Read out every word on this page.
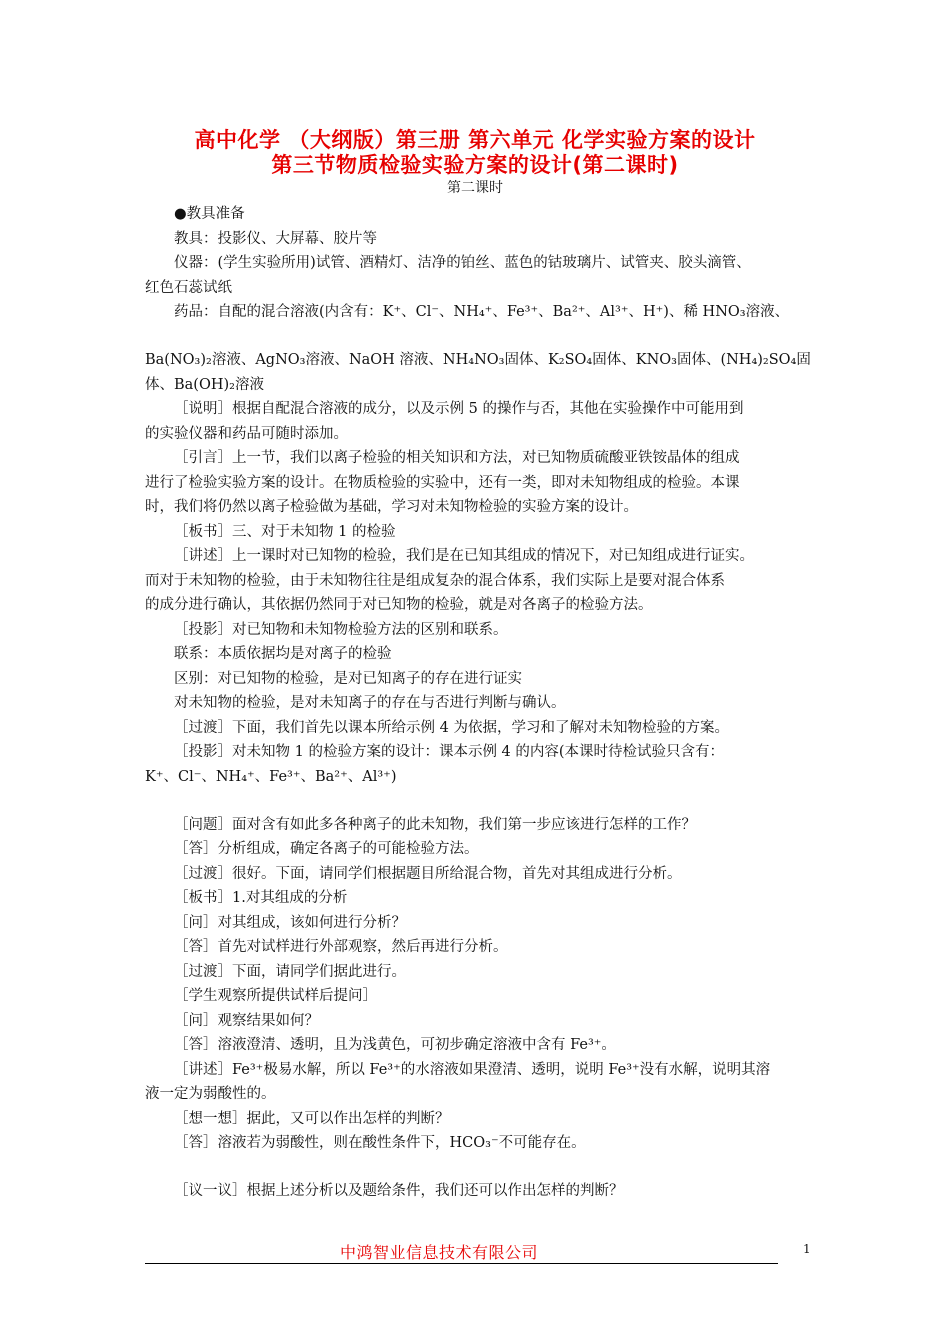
高中化学 （大纲版）第三册 第六单元 化学实验方案的设计
第三节物质检验实验方案的设计(第二课时)
第二课时
●教具准备
教具：投影仪、大屏幕、胶片等
仪器：(学生实验所用)试管、酒精灯、洁净的铂丝、蓝色的钴玻璃片、试管夹、胶头滴管、
红色石蕊试纸
药品：自配的混合溶液(内含有：K⁺、Cl⁻、NH₄⁺、Fe³⁺、Ba²⁺、Al³⁺、H⁺)、稀 HNO₃溶液、
Ba(NO₃)₂溶液、AgNO₃溶液、NaOH 溶液、NH₄NO₃固体、K₂SO₄固体、KNO₃固体、(NH₄)₂SO₄固
体、Ba(OH)₂溶液
［说明］根据自配混合溶液的成分，以及示例 5 的操作与否，其他在实验操作中可能用到
的实验仪器和药品可随时添加。
［引言］上一节，我们以离子检验的相关知识和方法，对已知物质硫酸亚铁铵晶体的组成
进行了检验实验方案的设计。在物质检验的实验中，还有一类，即对未知物组成的检验。本课
时，我们将仍然以离子检验做为基础，学习对未知物检验的实验方案的设计。
［板书］三、对于未知物 1 的检验
［讲述］上一课时对已知物的检验，我们是在已知其组成的情况下，对已知组成进行证实。
而对于未知物的检验，由于未知物往往是组成复杂的混合体系，我们实际上是要对混合体系
的成分进行确认，其依据仍然同于对已知物的检验，就是对各离子的检验方法。
［投影］对已知物和未知物检验方法的区别和联系。
联系：本质依据均是对离子的检验
区别：对已知物的检验，是对已知离子的存在进行证实
对未知物的检验，是对未知离子的存在与否进行判断与确认。
［过渡］下面，我们首先以课本所给示例 4 为依据，学习和了解对未知物检验的方案。
［投影］对未知物 1 的检验方案的设计：课本示例 4 的内容(本课时待检试验只含有：
K⁺、Cl⁻、NH₄⁺、Fe³⁺、Ba²⁺、Al³⁺)
［问题］面对含有如此多各种离子的此未知物，我们第一步应该进行怎样的工作？
［答］分析组成，确定各离子的可能检验方法。
［过渡］很好。下面，请同学们根据题目所给混合物，首先对其组成进行分析。
［板书］1.对其组成的分析
［问］对其组成，该如何进行分析？
［答］首先对试样进行外部观察，然后再进行分析。
［过渡］下面，请同学们据此进行。
［学生观察所提供试样后提问］
［问］观察结果如何？
［答］溶液澄清、透明，且为浅黄色，可初步确定溶液中含有 Fe³⁺。
［讲述］Fe³⁺极易水解，所以 Fe³⁺的水溶液如果澄清、透明，说明 Fe³⁺没有水解，说明其溶
液一定为弱酸性的。
［想一想］据此，又可以作出怎样的判断？
［答］溶液若为弱酸性，则在酸性条件下，HCO₃⁻不可能存在。
［议一议］根据上述分析以及题给条件，我们还可以作出怎样的判断？
中鸿智业信息技术有限公司	1
